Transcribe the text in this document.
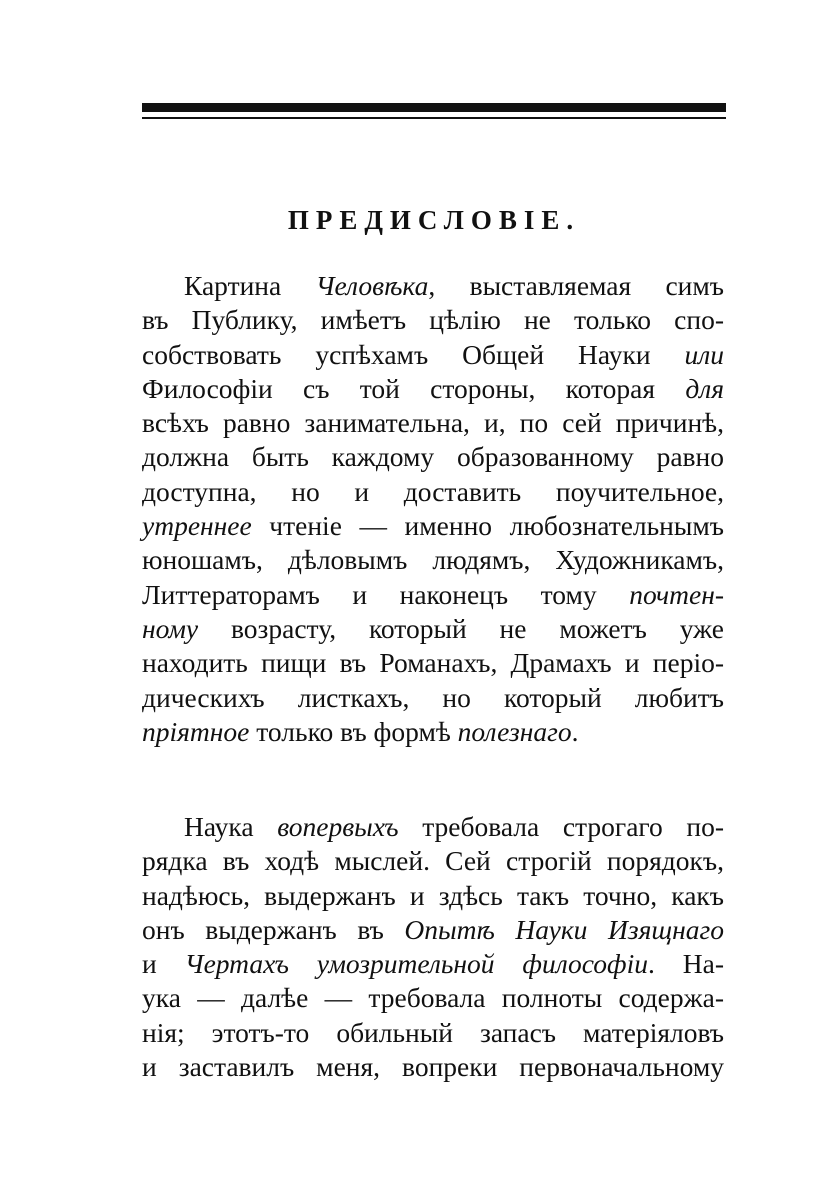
ПРЕДИСЛОВІЕ.
Картина Человѣка, выставляемая симъ
въ Публику, имѣетъ цѣлію не только спо-
собствовать успѣхамъ Общей Науки или
Философіи съ той стороны, которая для
всѣхъ равно занимательна, и, по сей причинѣ,
должна быть каждому образованному равно
доступна, но и доставить поучительное,
утреннее чтеніе — именно любознательнымъ
юношамъ, дѣловымъ людямъ, Художникамъ,
Литтераторамъ и наконецъ тому почтен-
ному возрасту, который не можетъ уже
находить пищи въ Романахъ, Драмахъ и періо-
дическихъ листкахъ, но который любитъ
пріятное только въ формѣ полезнаго.
Наука вопервыхъ требовала строгаго по-
рядка въ ходѣ мыслей. Сей строгій порядокъ,
надѣюсь, выдержанъ и здѣсь такъ точно, какъ
онъ выдержанъ въ Опытѣ Науки Изящнаго
и Чертахъ умозрительной философіи. На-
ука — далѣе — требовала полноты содержа-
нія; этотъ-то обильный запасъ матеріяловъ
и заставилъ меня, вопреки первоначальному
